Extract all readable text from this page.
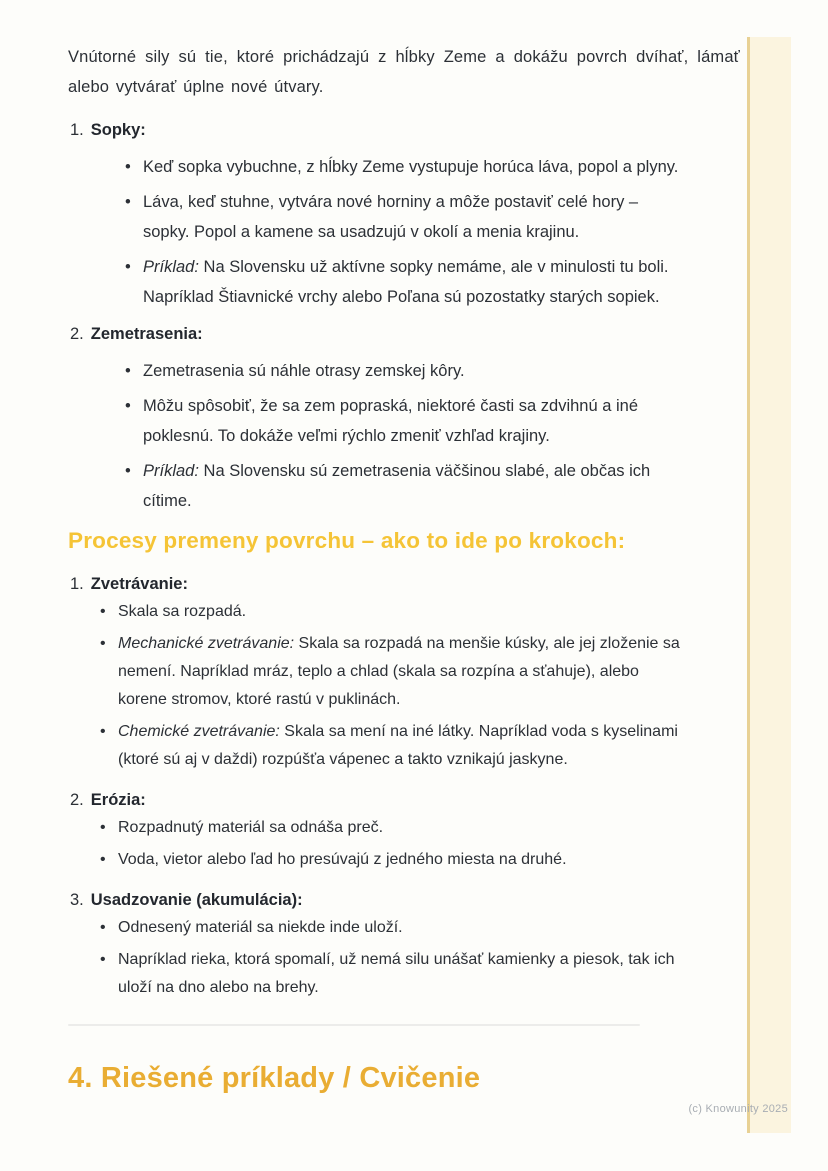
Vnútorné sily sú tie, ktoré prichádzajú z hĺbky Zeme a dokážu povrch dvíhať, lámať alebo vytvárať úplne nové útvary.

1. Sopky:
• Keď sopka vybuchne, z hĺbky Zeme vystupuje horúca láva, popol a plyny.
• Láva, keď stuhne, vytvára nové horniny a môže postaviť celé hory – sopky. Popol a kamene sa usadzujú v okolí a menia krajinu.
• Príklad: Na Slovensku už aktívne sopky nemáme, ale v minulosti tu boli. Napríklad Štiavnické vrchy alebo Poľana sú pozostatky starých sopiek.
2. Zemetrasenia:
• Zemetrasenia sú náhle otrasy zemskej kôry.
• Môžu spôsobiť, že sa zem popraská, niektoré časti sa zdvihnú a iné poklesnú. To dokáže veľmi rýchlo zmeniť vzhľad krajiny.
• Príklad: Na Slovensku sú zemetrasenia väčšinou slabé, ale občas ich cítime.
Procesy premeny povrchu – ako to ide po krokoch:
1. Zvetrávanie:
• Skala sa rozpadá.
• Mechanické zvetrávanie: Skala sa rozpadá na menšie kúsky, ale jej zloženie sa nemení. Napríklad mráz, teplo a chlad (skala sa rozpína a sťahuje), alebo korene stromov, ktoré rastú v puklinách.
• Chemické zvetrávanie: Skala sa mení na iné látky. Napríklad voda s kyselinami (ktoré sú aj v daždi) rozpúšťa vápenec a takto vznikajú jaskyne.
2. Erózia:
• Rozpadnutý materiál sa odnáša preč.
• Voda, vietor alebo ľad ho presúvajú z jedného miesta na druhé.
3. Usadzovanie (akumulácia):
• Odnesený materiál sa niekde inde uloží.
• Napríklad rieka, ktorá spomalí, už nemá silu unášať kamienky a piesok, tak ich uloží na dno alebo na brehy.
4. Riešené príklady / Cvičenie
(c) Knowunity 2025
